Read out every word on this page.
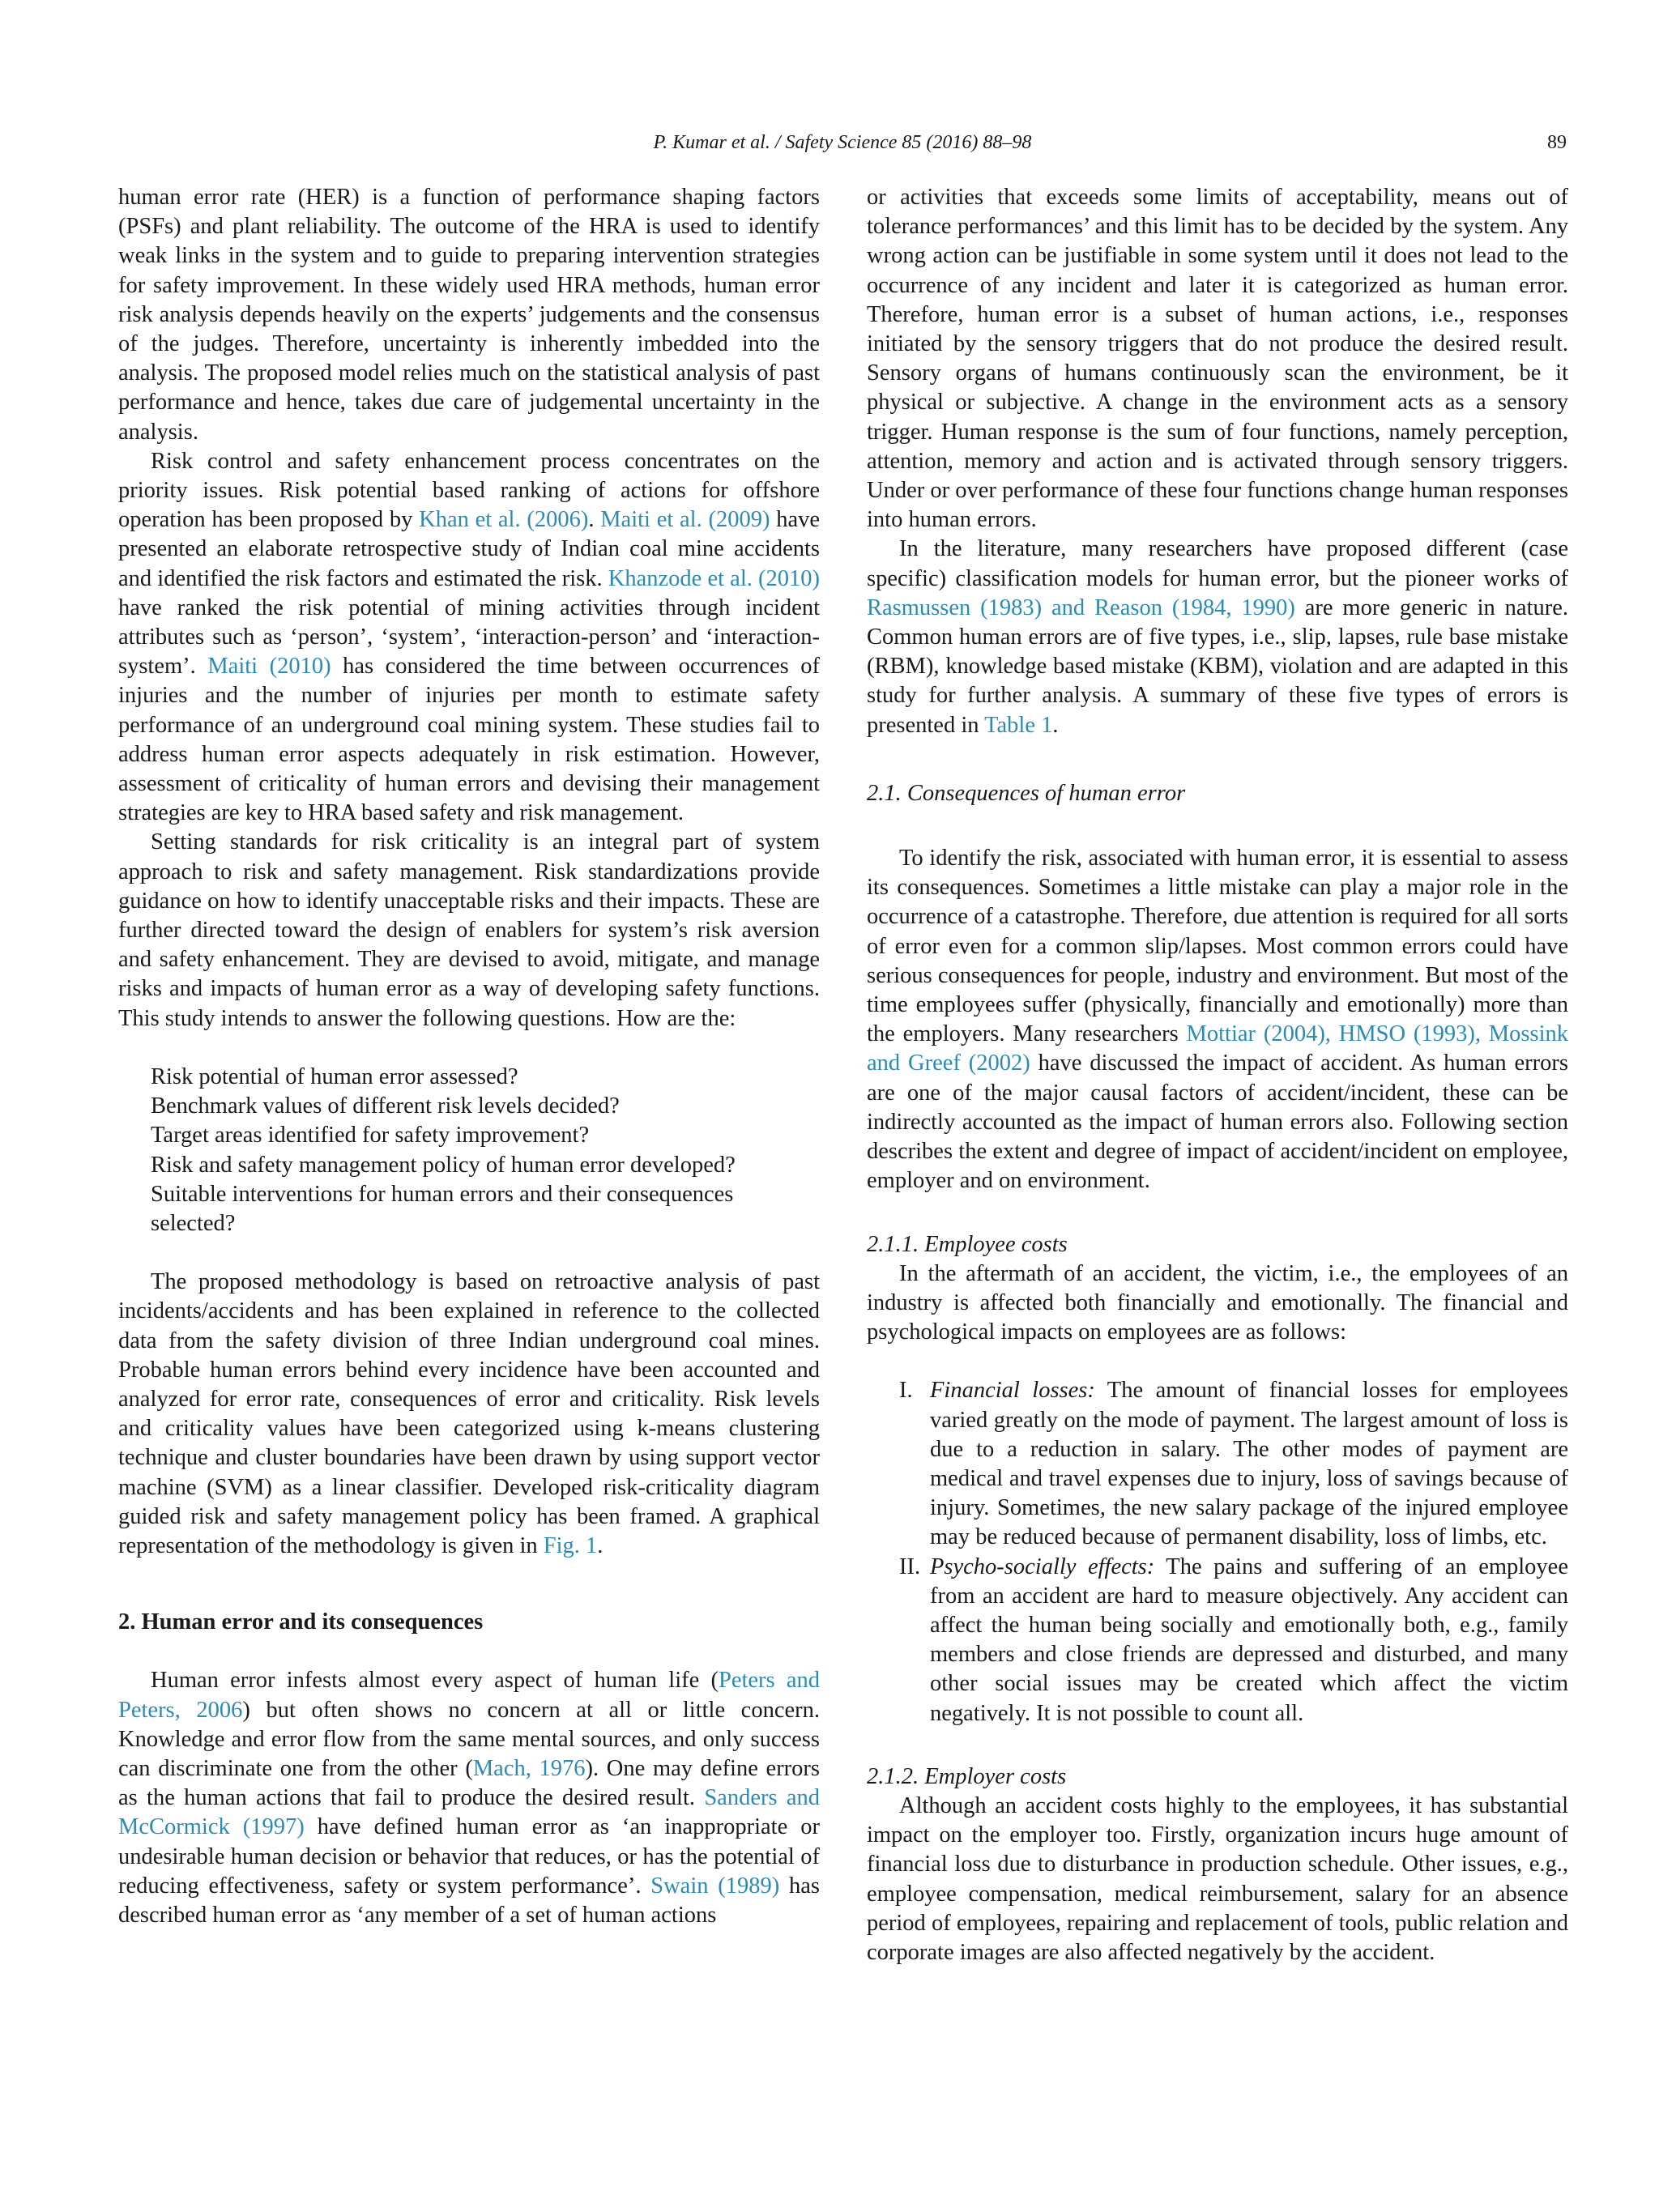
P. Kumar et al. / Safety Science 85 (2016) 88–98	89

human error rate (HER) is a function of performance shaping factors (PSFs) and plant reliability. The outcome of the HRA is used to identify weak links in the system and to guide to preparing intervention strategies for safety improvement. In these widely used HRA methods, human error risk analysis depends heavily on the experts’ judgements and the consensus of the judges. Therefore, uncertainty is inherently imbedded into the analysis. The proposed model relies much on the statistical analysis of past performance and hence, takes due care of judgemental uncertainty in the analysis.

Risk control and safety enhancement process concentrates on the priority issues. Risk potential based ranking of actions for offshore operation has been proposed by Khan et al. (2006). Maiti et al. (2009) have presented an elaborate retrospective study of Indian coal mine accidents and identified the risk factors and estimated the risk. Khanzode et al. (2010) have ranked the risk potential of mining activities through incident attributes such as ‘person’, ‘system’, ‘interaction-person’ and ‘interaction-system’. Maiti (2010) has considered the time between occurrences of injuries and the number of injuries per month to estimate safety performance of an underground coal mining system. These studies fail to address human error aspects adequately in risk estimation. However, assessment of criticality of human errors and devising their management strategies are key to HRA based safety and risk management.

Setting standards for risk criticality is an integral part of system approach to risk and safety management. Risk standardizations provide guidance on how to identify unacceptable risks and their impacts. These are further directed toward the design of enablers for system’s risk aversion and safety enhancement. They are devised to avoid, mitigate, and manage risks and impacts of human error as a way of developing safety functions. This study intends to answer the following questions. How are the:

Risk potential of human error assessed?
Benchmark values of different risk levels decided?
Target areas identified for safety improvement?
Risk and safety management policy of human error developed?
Suitable interventions for human errors and their consequences selected?

The proposed methodology is based on retroactive analysis of past incidents/accidents and has been explained in reference to the collected data from the safety division of three Indian underground coal mines. Probable human errors behind every incidence have been accounted and analyzed for error rate, consequences of error and criticality. Risk levels and criticality values have been categorized using k-means clustering technique and cluster boundaries have been drawn by using support vector machine (SVM) as a linear classifier. Developed risk-criticality diagram guided risk and safety management policy has been framed. A graphical representation of the methodology is given in Fig. 1.

2. Human error and its consequences

Human error infests almost every aspect of human life (Peters and Peters, 2006) but often shows no concern at all or little concern. Knowledge and error flow from the same mental sources, and only success can discriminate one from the other (Mach, 1976). One may define errors as the human actions that fail to produce the desired result. Sanders and McCormick (1997) have defined human error as ‘an inappropriate or undesirable human decision or behavior that reduces, or has the potential of reducing effectiveness, safety or system performance’. Swain (1989) has described human error as ‘any member of a set of human actions

or activities that exceeds some limits of acceptability, means out of tolerance performances’ and this limit has to be decided by the system. Any wrong action can be justifiable in some system until it does not lead to the occurrence of any incident and later it is categorized as human error. Therefore, human error is a subset of human actions, i.e., responses initiated by the sensory triggers that do not produce the desired result. Sensory organs of humans continuously scan the environment, be it physical or subjective. A change in the environment acts as a sensory trigger. Human response is the sum of four functions, namely perception, attention, memory and action and is activated through sensory triggers. Under or over performance of these four functions change human responses into human errors.

In the literature, many researchers have proposed different (case specific) classification models for human error, but the pioneer works of Rasmussen (1983) and Reason (1984, 1990) are more generic in nature. Common human errors are of five types, i.e., slip, lapses, rule base mistake (RBM), knowledge based mistake (KBM), violation and are adapted in this study for further analysis. A summary of these five types of errors is presented in Table 1.

2.1. Consequences of human error

To identify the risk, associated with human error, it is essential to assess its consequences. Sometimes a little mistake can play a major role in the occurrence of a catastrophe. Therefore, due attention is required for all sorts of error even for a common slip/lapses. Most common errors could have serious consequences for people, industry and environment. But most of the time employees suffer (physically, financially and emotionally) more than the employers. Many researchers Mottiar (2004), HMSO (1993), Mossink and Greef (2002) have discussed the impact of accident. As human errors are one of the major causal factors of accident/incident, these can be indirectly accounted as the impact of human errors also. Following section describes the extent and degree of impact of accident/incident on employee, employer and on environment.

2.1.1. Employee costs

In the aftermath of an accident, the victim, i.e., the employees of an industry is affected both financially and emotionally. The financial and psychological impacts on employees are as follows:

I. Financial losses: The amount of financial losses for employees varied greatly on the mode of payment. The largest amount of loss is due to a reduction in salary. The other modes of payment are medical and travel expenses due to injury, loss of savings because of injury. Sometimes, the new salary package of the injured employee may be reduced because of permanent disability, loss of limbs, etc.
II. Psycho-socially effects: The pains and suffering of an employee from an accident are hard to measure objectively. Any accident can affect the human being socially and emotionally both, e.g., family members and close friends are depressed and disturbed, and many other social issues may be created which affect the victim negatively. It is not possible to count all.
2.1.2. Employer costs

Although an accident costs highly to the employees, it has substantial impact on the employer too. Firstly, organization incurs huge amount of financial loss due to disturbance in production schedule. Other issues, e.g., employee compensation, medical reimbursement, salary for an absence period of employees, repairing and replacement of tools, public relation and corporate images are also affected negatively by the accident.
